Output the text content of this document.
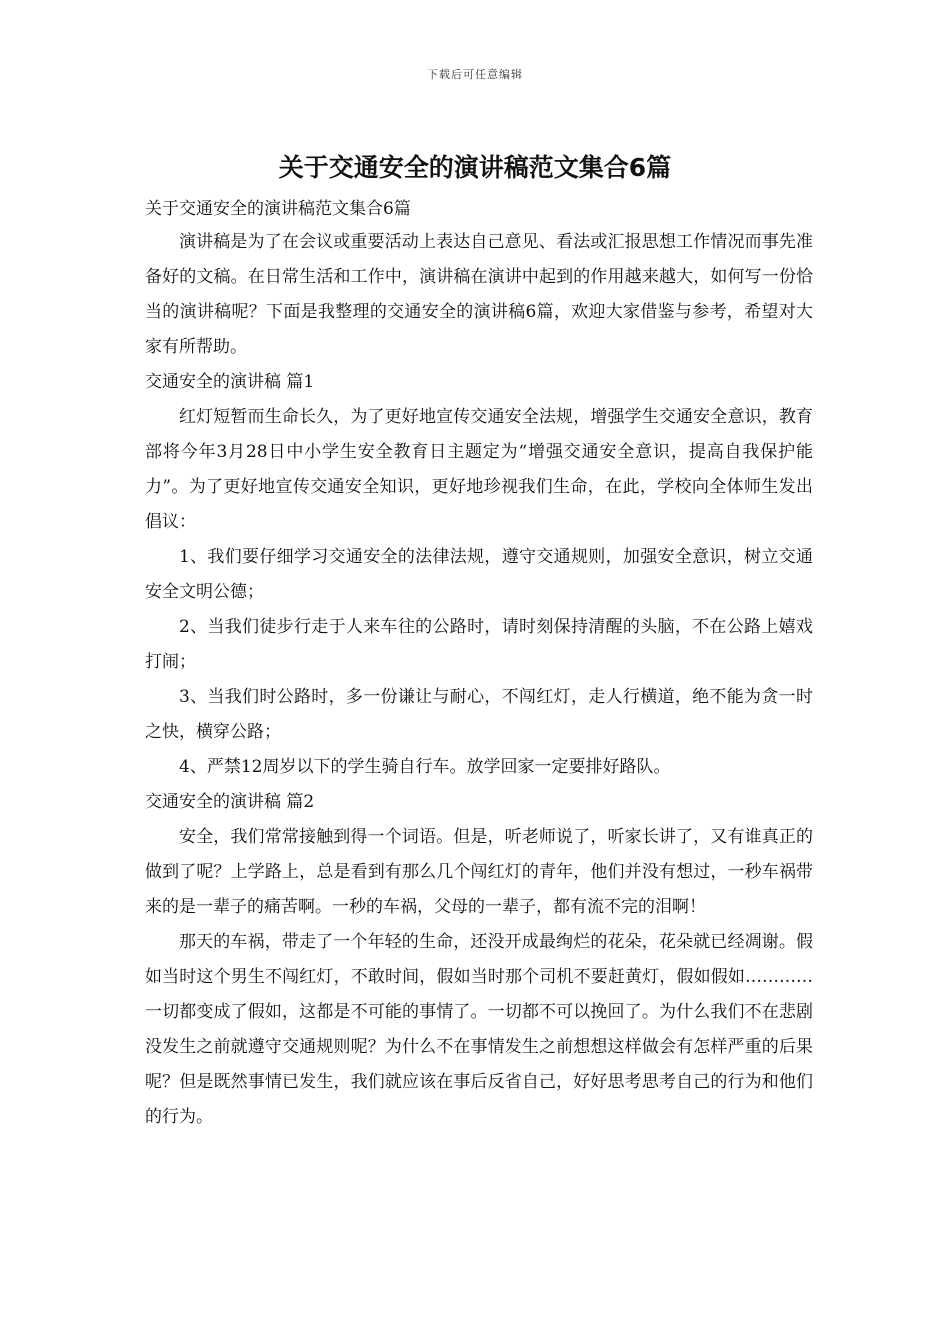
下载后可任意编辑
关于交通安全的演讲稿范文集合6篇

关于交通安全的演讲稿范文集合6篇

演讲稿是为了在会议或重要活动上表达自己意见、看法或汇报思想工作情况而事先准备好的文稿。在日常生活和工作中，演讲稿在演讲中起到的作用越来越大，如何写一份恰当的演讲稿呢？下面是我整理的交通安全的演讲稿6篇，欢迎大家借鉴与参考，希望对大家有所帮助。

交通安全的演讲稿 篇1

红灯短暂而生命长久，为了更好地宣传交通安全法规，增强学生交通安全意识，教育部将今年3月28日中小学生安全教育日主题定为“增强交通安全意识，提高自我保护能力”。为了更好地宣传交通安全知识，更好地珍视我们生命，在此，学校向全体师生发出倡议：

1、我们要仔细学习交通安全的法律法规，遵守交通规则，加强安全意识，树立交通安全文明公德；

2、当我们徒步行走于人来车往的公路时，请时刻保持清醒的头脑，不在公路上嬉戏打闹；

3、当我们时公路时，多一份谦让与耐心，不闯红灯，走人行横道，绝不能为贪一时之快，横穿公路；

4、严禁12周岁以下的学生骑自行车。放学回家一定要排好路队。

交通安全的演讲稿 篇2

安全，我们常常接触到得一个词语。但是，听老师说了，听家长讲了，又有谁真正的做到了呢？上学路上，总是看到有那么几个闯红灯的青年，他们并没有想过，一秒车祸带来的是一辈子的痛苦啊。一秒的车祸，父母的一辈子，都有流不完的泪啊！

那天的车祸，带走了一个年轻的生命，还没开成最绚烂的花朵，花朵就已经凋谢。假如当时这个男生不闯红灯，不敢时间，假如当时那个司机不要赶黄灯，假如假如…………一切都变成了假如，这都是不可能的事情了。一切都不可以挽回了。为什么我们不在悲剧没发生之前就遵守交通规则呢？为什么不在事情发生之前想想这样做会有怎样严重的后果呢？但是既然事情已发生，我们就应该在事后反省自己，好好思考思考自己的行为和他们的行为。
